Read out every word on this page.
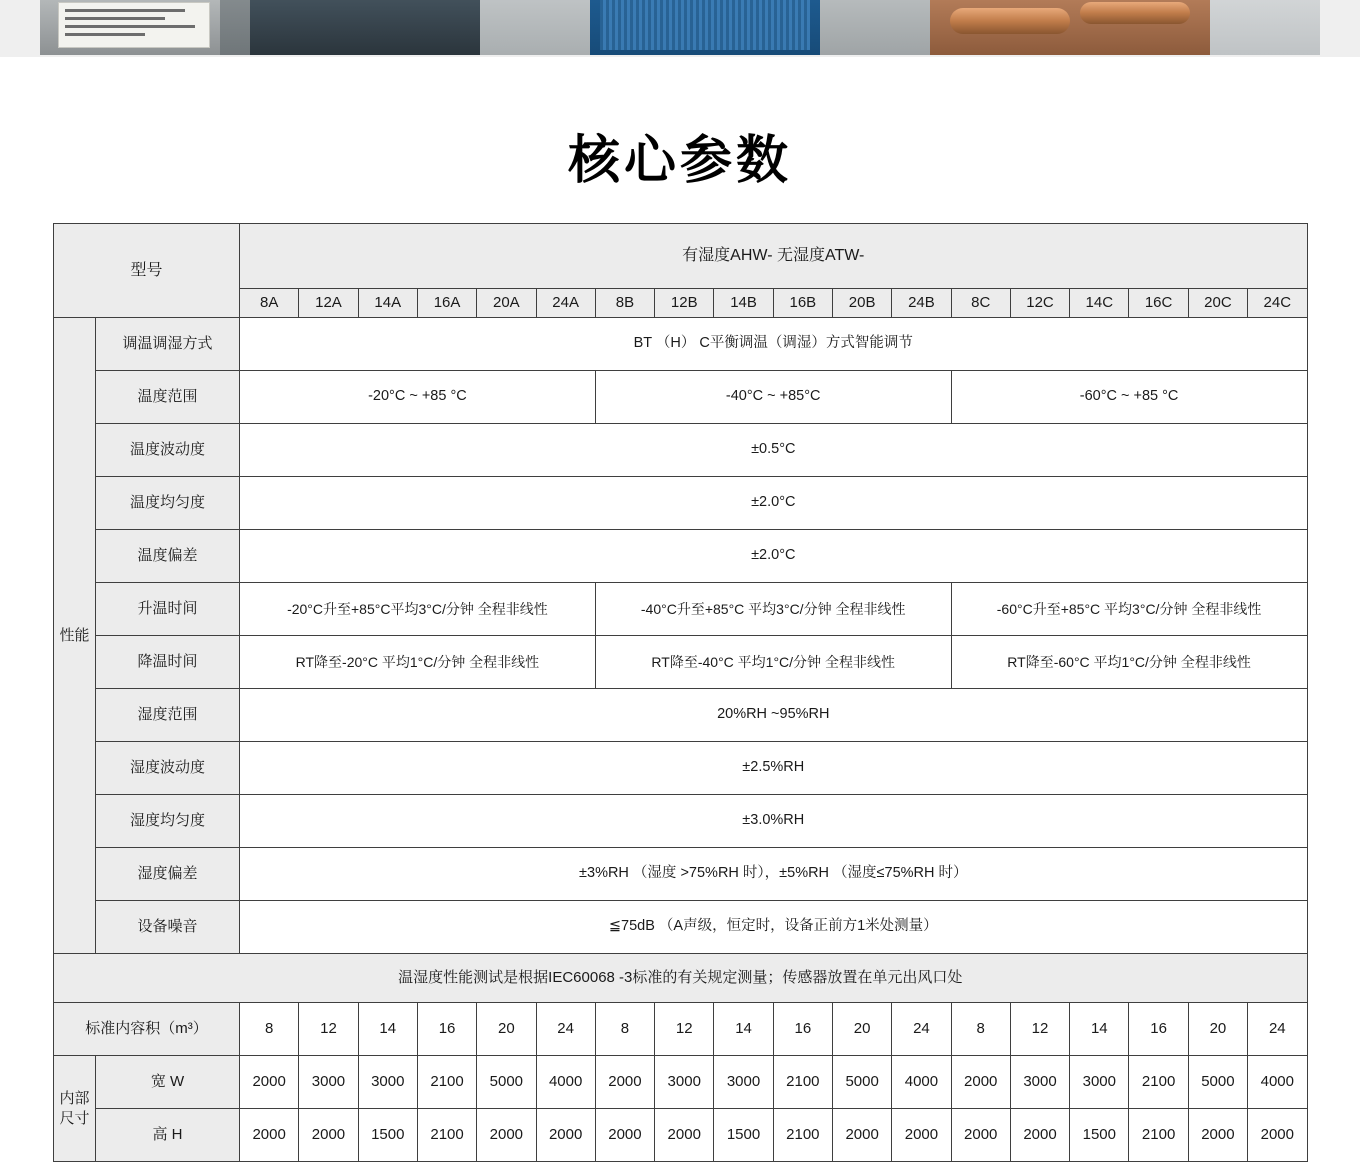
核心参数
型号		有湿度AHW- 无湿度ATW-																	
		8A	12A	14A	16A	20A	24A	8B	12B	14B	16B	20B	24B	8C	12C	14C	16C	20C	24C
性能	调温调湿方式	BT （H） C平衡调温（调湿）方式智能调节																	
	温度范围	-20°C ~ +85 °C						-40°C ~ +85°C						-60°C ~ +85 °C					
	温度波动度	±0.5°C																	
	温度均匀度	±2.0°C																	
	温度偏差	±2.0°C																	
	升温时间	-20°C升至+85°C平均3°C/分钟 全程非线性						-40°C升至+85°C 平均3°C/分钟 全程非线性						-60°C升至+85°C 平均3°C/分钟 全程非线性					
	降温时间	RT降至-20°C 平均1°C/分钟 全程非线性						RT降至-40°C 平均1°C/分钟 全程非线性						RT降至-60°C 平均1°C/分钟 全程非线性					
	湿度范围	20%RH ~95%RH																	
	湿度波动度	±2.5%RH																	
	湿度均匀度	±3.0%RH																	
	湿度偏差	±3%RH （湿度 >75%RH 时），±5%RH （湿度≤75%RH 时）																	
	设备噪音	≦75dB （A声级，恒定时，设备正前方1米处测量）																	
温湿度性能测试是根据IEC60068 -3标准的有关规定测量；传感器放置在单元出风口处																			
标准内容积（m³）		8	12	14	16	20	24	8	12	14	16	20	24	8	12	14	16	20	24
内部尺寸	宽 W	2000	3000	3000	2100	5000	4000	2000	3000	3000	2100	5000	4000	2000	3000	3000	2100	5000	4000
	高 H	2000	2000	1500	2100	2000	2000	2000	2000	1500	2100	2000	2000	2000	2000	1500	2100	2000	2000
